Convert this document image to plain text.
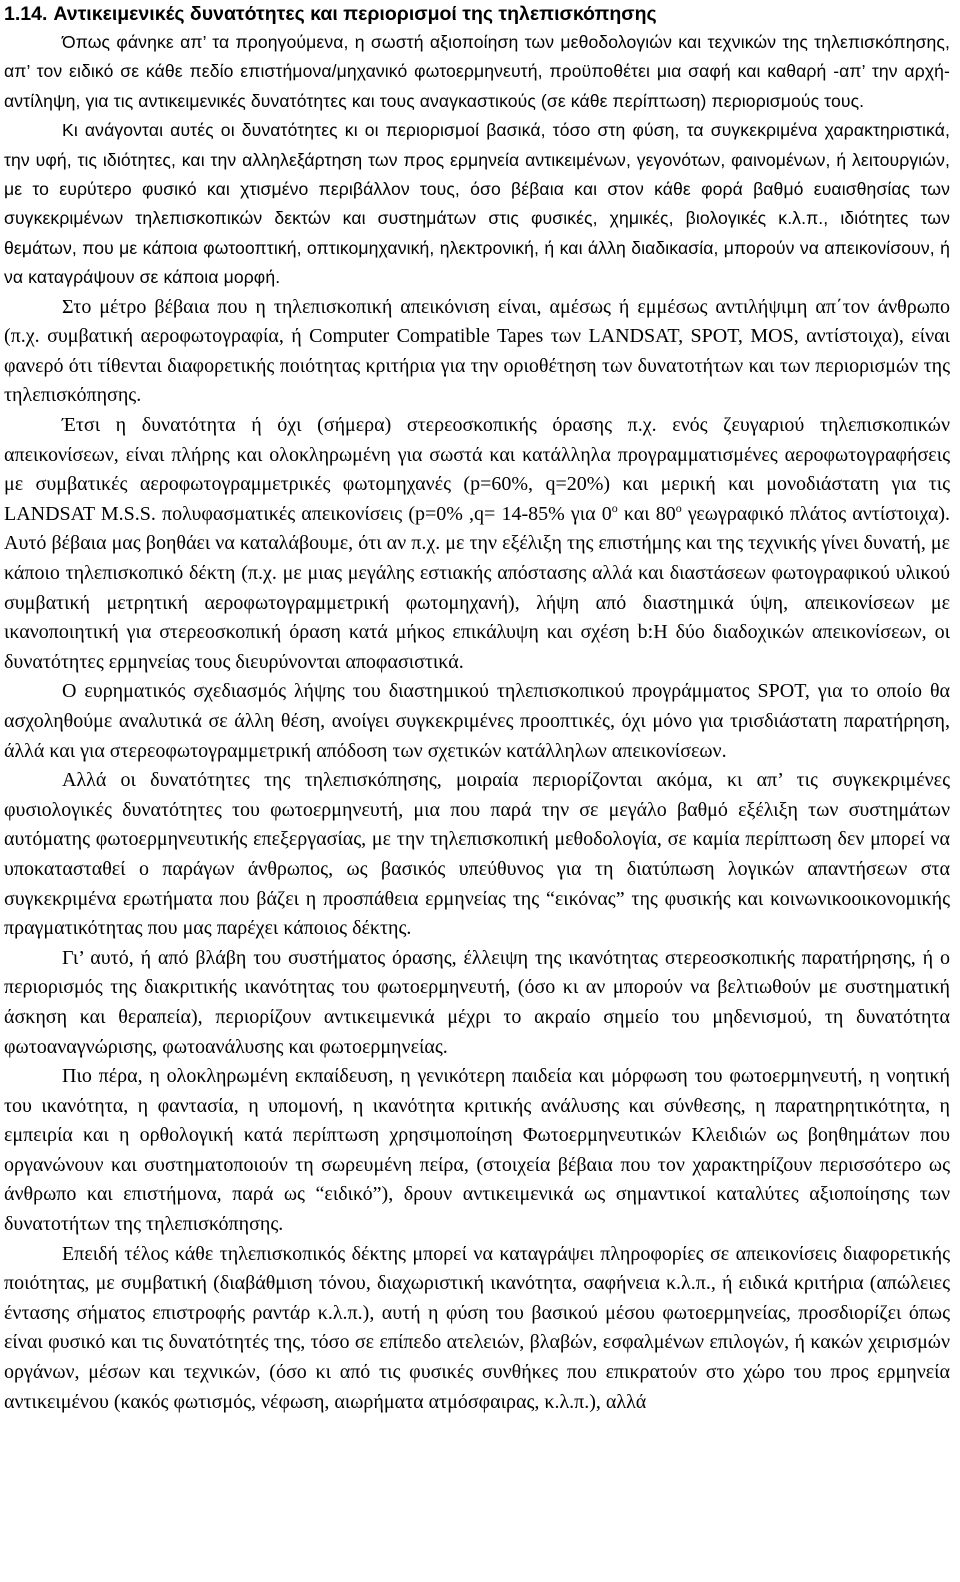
1.14. Αντικειμενικές δυνατότητες και περιορισμοί της τηλεπισκόπησης

Όπως φάνηκε απ’ τα προηγούμενα, η σωστή αξιοποίηση των μεθοδολογιών και τεχνικών της τηλεπισκόπησης, απ’ τον ειδικό σε κάθε πεδίο επιστήμονα/μηχανικό φωτοερμηνευτή, προϋποθέτει μια σαφή και καθαρή -απ’ την αρχή- αντίληψη, για τις αντικειμενικές δυνατότητες και τους αναγκαστικούς (σε κάθε περίπτωση) περιορισμούς τους.

Κι ανάγονται αυτές οι δυνατότητες κι οι περιορισμοί βασικά, τόσο στη φύση, τα συγκεκριμένα χαρακτηριστικά, την υφή, τις ιδιότητες, και την αλληλεξάρτηση των προς ερμηνεία αντικειμένων, γεγονότων, φαινομένων, ή λειτουργιών, με το ευρύτερο φυσικό και χτισμένο περιβάλλον τους, όσο βέβαια και στον κάθε φορά βαθμό ευαισθησίας των συγκεκριμένων τηλεπισκοπικών δεκτών και συστημάτων στις φυσικές, χημικές, βιολογικές κ.λ.π., ιδιότητες των θεμάτων, που με κάποια φωτοοπτική, οπτικομηχανική, ηλεκτρονική, ή και άλλη διαδικασία, μπορούν να απεικονίσουν, ή να καταγράψουν σε κάποια μορφή.

Στο μέτρο βέβαια που η τηλεπισκοπική απεικόνιση είναι, αμέσως ή εμμέσως αντιλήψιμη απ΄τον άνθρωπο (π.χ. συμβατική αεροφωτογραφία, ή Computer Compatible Tapes των LANDSAT, SPOT, MOS, αντίστοιχα), είναι φανερό ότι τίθενται διαφορετικής ποιότητας κριτήρια για την οριοθέτηση των δυνατοτήτων και των περιορισμών της τηλεπισκόπησης.

Έτσι η δυνατότητα ή όχι (σήμερα) στερεοσκοπικής όρασης π.χ. ενός ζευγαριού τηλεπισκοπικών απεικονίσεων, είναι πλήρης και ολοκληρωμένη για σωστά και κατάλληλα προγραμματισμένες αεροφωτογραφήσεις με συμβατικές αεροφωτογραμμετρικές φωτομηχανές (p=60%, q=20%) και μερική και μονοδιάστατη για τις LANDSAT M.S.S. πολυφασματικές απεικονίσεις (p=0% ,q= 14-85% για 0$^o$ και 80$^o$ γεωγραφικό πλάτος αντίστοιχα). Αυτό βέβαια μας βοηθάει να καταλάβουμε, ότι αν π.χ. με την εξέλιξη της επιστήμης και της τεχνικής γίνει δυνατή, με κάποιο τηλεπισκοπικό δέκτη (π.χ. με μιας μεγάλης εστιακής απόστασης αλλά και διαστάσεων φωτογραφικού υλικού συμβατική μετρητική αεροφωτογραμμετρική φωτομηχανή), λήψη από διαστημικά ύψη, απεικονίσεων με ικανοποιητική για στερεοσκοπική όραση κατά μήκος επικάλυψη και σχέση b:H δύο διαδοχικών απεικονίσεων, οι δυνατότητες ερμηνείας τους διευρύνονται αποφασιστικά.

Ο ευρηματικός σχεδιασμός λήψης του διαστημικού τηλεπισκοπικού προγράμματος SPOT, για το οποίο θα ασχοληθούμε αναλυτικά σε άλλη θέση, ανοίγει συγκεκριμένες προοπτικές, όχι μόνο για τρισδιάστατη παρατήρηση, άλλά και για στερεοφωτογραμμετρική απόδοση των σχετικών κατάλληλων απεικονίσεων.

Αλλά οι δυνατότητες της τηλεπισκόπησης, μοιραία περιορίζονται ακόμα, κι απ’ τις συγκεκριμένες φυσιολογικές δυνατότητες του φωτοερμηνευτή, μια που παρά την σε μεγάλο βαθμό εξέλιξη των συστημάτων αυτόματης φωτοερμηνευτικής επεξεργασίας, με την τηλεπισκοπική μεθοδολογία, σε καμία περίπτωση δεν μπορεί να υποκατασταθεί ο παράγων άνθρωπος, ως βασικός υπεύθυνος για τη διατύπωση λογικών απαντήσεων στα συγκεκριμένα ερωτήματα που βάζει η προσπάθεια ερμηνείας της “εικόνας” της φυσικής και κοινωνικοοικονομικής πραγματικότητας που μας παρέχει κάποιος δέκτης.

Γι’ αυτό, ή από βλάβη του συστήματος όρασης, έλλειψη της ικανότητας στερεοσκοπικής παρατήρησης, ή ο περιορισμός της διακριτικής ικανότητας του φωτοερμηνευτή, (όσο κι αν μπορούν να βελτιωθούν με συστηματική άσκηση και θεραπεία), περιορίζουν αντικειμενικά μέχρι το ακραίο σημείο του μηδενισμού, τη δυνατότητα φωτοαναγνώρισης, φωτοανάλυσης και φωτοερμηνείας.

Πιο πέρα, η ολοκληρωμένη εκπαίδευση, η γενικότερη παιδεία και μόρφωση του φωτοερμηνευτή, η νοητική του ικανότητα, η φαντασία, η υπομονή, η ικανότητα κριτικής ανάλυσης και σύνθεσης, η παρατηρητικότητα, η εμπειρία και η ορθολογική κατά περίπτωση χρησιμοποίηση Φωτοερμηνευτικών Κλειδιών ως βοηθημάτων που οργανώνουν και συστηματοποιούν τη σωρευμένη πείρα, (στοιχεία βέβαια που τον χαρακτηρίζουν περισσότερο ως άνθρωπο και επιστήμονα, παρά ως “ειδικό”), δρουν αντικειμενικά ως σημαντικοί καταλύτες αξιοποίησης των δυνατοτήτων της τηλεπισκόπησης.

Επειδή τέλος κάθε τηλεπισκοπικός δέκτης μπορεί να καταγράψει πληροφορίες σε απεικονίσεις διαφορετικής ποιότητας, με συμβατική (διαβάθμιση τόνου, διαχωριστική ικανότητα, σαφήνεια κ.λ.π., ή ειδικά κριτήρια (απώλειες έντασης σήματος επιστροφής ραντάρ κ.λ.π.), αυτή η φύση του βασικού μέσου φωτοερμηνείας, προσδιορίζει όπως είναι φυσικό και τις δυνατότητές της, τόσο σε επίπεδο ατελειών, βλαβών, εσφαλμένων επιλογών, ή κακών χειρισμών οργάνων, μέσων και τεχνικών, (όσο κι από τις φυσικές συνθήκες που επικρατούν στο χώρο του προς ερμηνεία αντικειμένου (κακός φωτισμός, νέφωση, αιωρήματα ατμόσφαιρας, κ.λ.π.), αλλά
